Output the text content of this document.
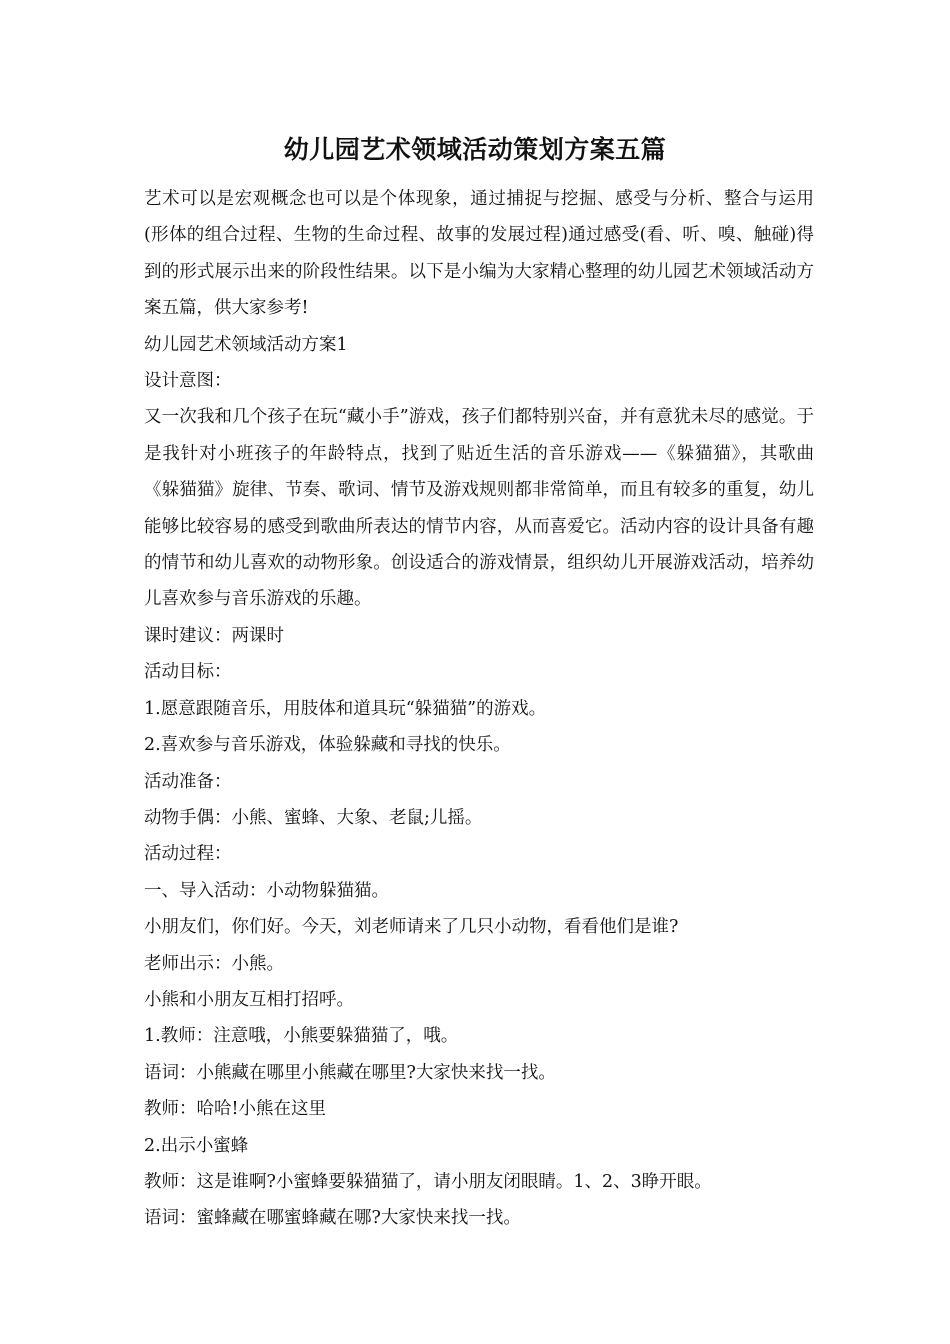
幼儿园艺术领域活动策划方案五篇

艺术可以是宏观概念也可以是个体现象，通过捕捉与挖掘、感受与分析、整合与运用(形体的组合过程、生物的生命过程、故事的发展过程)通过感受(看、听、嗅、触碰)得到的形式展示出来的阶段性结果。以下是小编为大家精心整理的幼儿园艺术领域活动方案五篇，供大家参考!

幼儿园艺术领域活动方案1

设计意图：

又一次我和几个孩子在玩“藏小手”游戏，孩子们都特别兴奋，并有意犹未尽的感觉。于是我针对小班孩子的年龄特点，找到了贴近生活的音乐游戏——《躲猫猫》，其歌曲《躲猫猫》旋律、节奏、歌词、情节及游戏规则都非常简单，而且有较多的重复，幼儿能够比较容易的感受到歌曲所表达的情节内容，从而喜爱它。活动内容的设计具备有趣的情节和幼儿喜欢的动物形象。创设适合的游戏情景，组织幼儿开展游戏活动，培养幼儿喜欢参与音乐游戏的乐趣。

课时建议：两课时

活动目标：

1.愿意跟随音乐，用肢体和道具玩“躲猫猫”的游戏。

2.喜欢参与音乐游戏，体验躲藏和寻找的快乐。

活动准备：

动物手偶：小熊、蜜蜂、大象、老鼠;儿摇。

活动过程：

一、导入活动：小动物躲猫猫。

小朋友们，你们好。今天，刘老师请来了几只小动物，看看他们是谁?

老师出示：小熊。

小熊和小朋友互相打招呼。

1.教师：注意哦，小熊要躲猫猫了，哦。

语词：小熊藏在哪里小熊藏在哪里?大家快来找一找。

教师：哈哈!小熊在这里

2.出示小蜜蜂

教师：这是谁啊?小蜜蜂要躲猫猫了，请小朋友闭眼睛。1、2、3睁开眼。

语词：蜜蜂藏在哪蜜蜂藏在哪?大家快来找一找。
